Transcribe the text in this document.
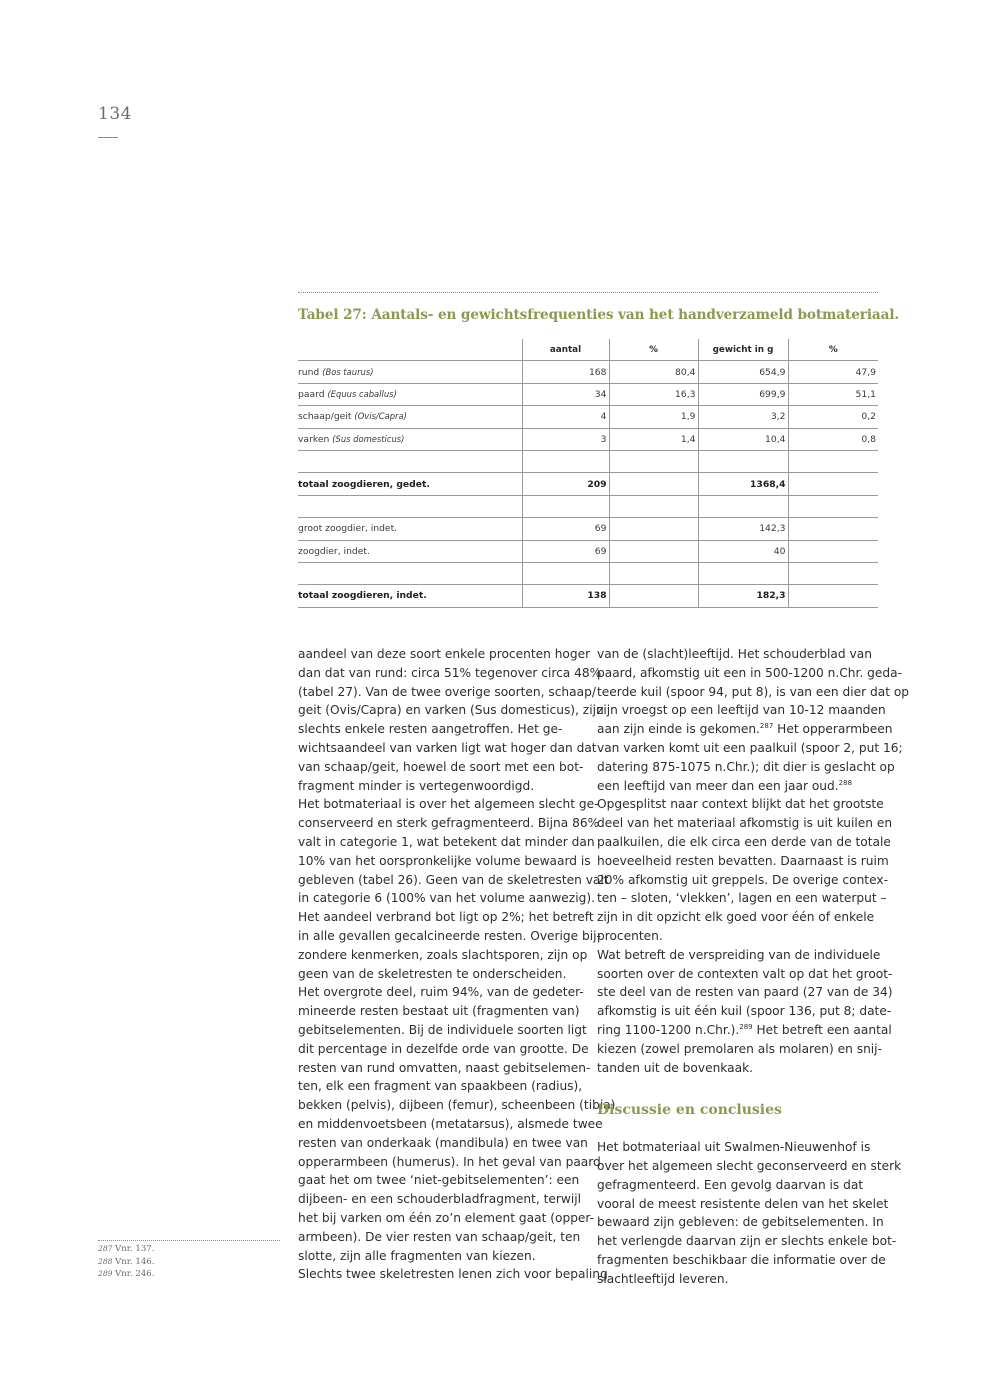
134
Tabel 27: Aantals- en gewichtsfrequenties van het handverzameld botmateriaal.
	aantal	%	gewicht in g	%
rund (Bos taurus)	168	80,4	654,9	47,9
paard (Equus caballus)	34	16,3	699,9	51,1
schaap/geit (Ovis/Capra)	4	1,9	3,2	0,2
varken (Sus domesticus)	3	1,4	10,4	0,8

totaal zoogdieren, gedet.	209		1368,4	

groot zoogdier, indet.	69		142,3	
zoogdier, indet.	69		40	

totaal zoogdieren, indet.	138		182,3	

aandeel van deze soort enkele procenten hoger
dan dat van rund: circa 51% tegenover circa 48%
(tabel 27). Van de twee overige soorten, schaap/
geit (Ovis/Capra) en varken (Sus domesticus), zijn
slechts enkele resten aangetroffen. Het ge-
wichtsaandeel van varken ligt wat hoger dan dat
van schaap/geit, hoewel de soort met een bot-
fragment minder is vertegenwoordigd.
Het botmateriaal is over het algemeen slecht ge-
conserveerd en sterk gefragmenteerd. Bijna 86%
valt in categorie 1, wat betekent dat minder dan
10% van het oorspronkelijke volume bewaard is
gebleven (tabel 26). Geen van de skeletresten valt
in categorie 6 (100% van het volume aanwezig).
Het aandeel verbrand bot ligt op 2%; het betreft
in alle gevallen gecalcineerde resten. Overige bij-
zondere kenmerken, zoals slachtsporen, zijn op
geen van de skeletresten te onderscheiden.
Het overgrote deel, ruim 94%, van de gedeter-
mineerde resten bestaat uit (fragmenten van)
gebitselementen. Bij de individuele soorten ligt
dit percentage in dezelfde orde van grootte. De
resten van rund omvatten, naast gebitselemen-
ten, elk een fragment van spaakbeen (radius),
bekken (pelvis), dijbeen (femur), scheenbeen (tibia)
en middenvoetsbeen (metatarsus), alsmede twee
resten van onderkaak (mandibula) en twee van
opperarmbeen (humerus). In het geval van paard
gaat het om twee ‘niet-gebitselementen’: een
dijbeen- en een schouderbladfragment, terwijl
het bij varken om één zo’n element gaat (opper-
armbeen). De vier resten van schaap/geit, ten
slotte, zijn alle fragmenten van kiezen.
Slechts twee skeletresten lenen zich voor bepaling

van de (slacht)leeftijd. Het schouderblad van
paard, afkomstig uit een in 500-1200 n.Chr. geda-
teerde kuil (spoor 94, put 8), is van een dier dat op
zijn vroegst op een leeftijd van 10-12 maanden
aan zijn einde is gekomen.$^{287}$ Het opperarmbeen
van varken komt uit een paalkuil (spoor 2, put 16;
datering 875-1075 n.Chr.); dit dier is geslacht op
een leeftijd van meer dan een jaar oud.$^{288}$
Opgesplitst naar context blijkt dat het grootste
deel van het materiaal afkomstig is uit kuilen en
paalkuilen, die elk circa een derde van de totale
hoeveelheid resten bevatten. Daarnaast is ruim
20% afkomstig uit greppels. De overige contex-
ten – sloten, ‘vlekken’, lagen en een waterput –
zijn in dit opzicht elk goed voor één of enkele
procenten.
Wat betreft de verspreiding van de individuele
soorten over de contexten valt op dat het groot-
ste deel van de resten van paard (27 van de 34)
afkomstig is uit één kuil (spoor 136, put 8; date-
ring 1100-1200 n.Chr.).$^{289}$ Het betreft een aantal
kiezen (zowel premolaren als molaren) en snij-
tanden uit de bovenkaak.

Discussie en conclusies

Het botmateriaal uit Swalmen-Nieuwenhof is
over het algemeen slecht geconserveerd en sterk
gefragmenteerd. Een gevolg daarvan is dat
vooral de meest resistente delen van het skelet
bewaard zijn gebleven: de gebitselementen. In
het verlengde daarvan zijn er slechts enkele bot-
fragmenten beschikbaar die informatie over de
slachtleeftijd leveren.

287 Vnr. 137.
288 Vnr. 146.
289 Vnr. 246.
